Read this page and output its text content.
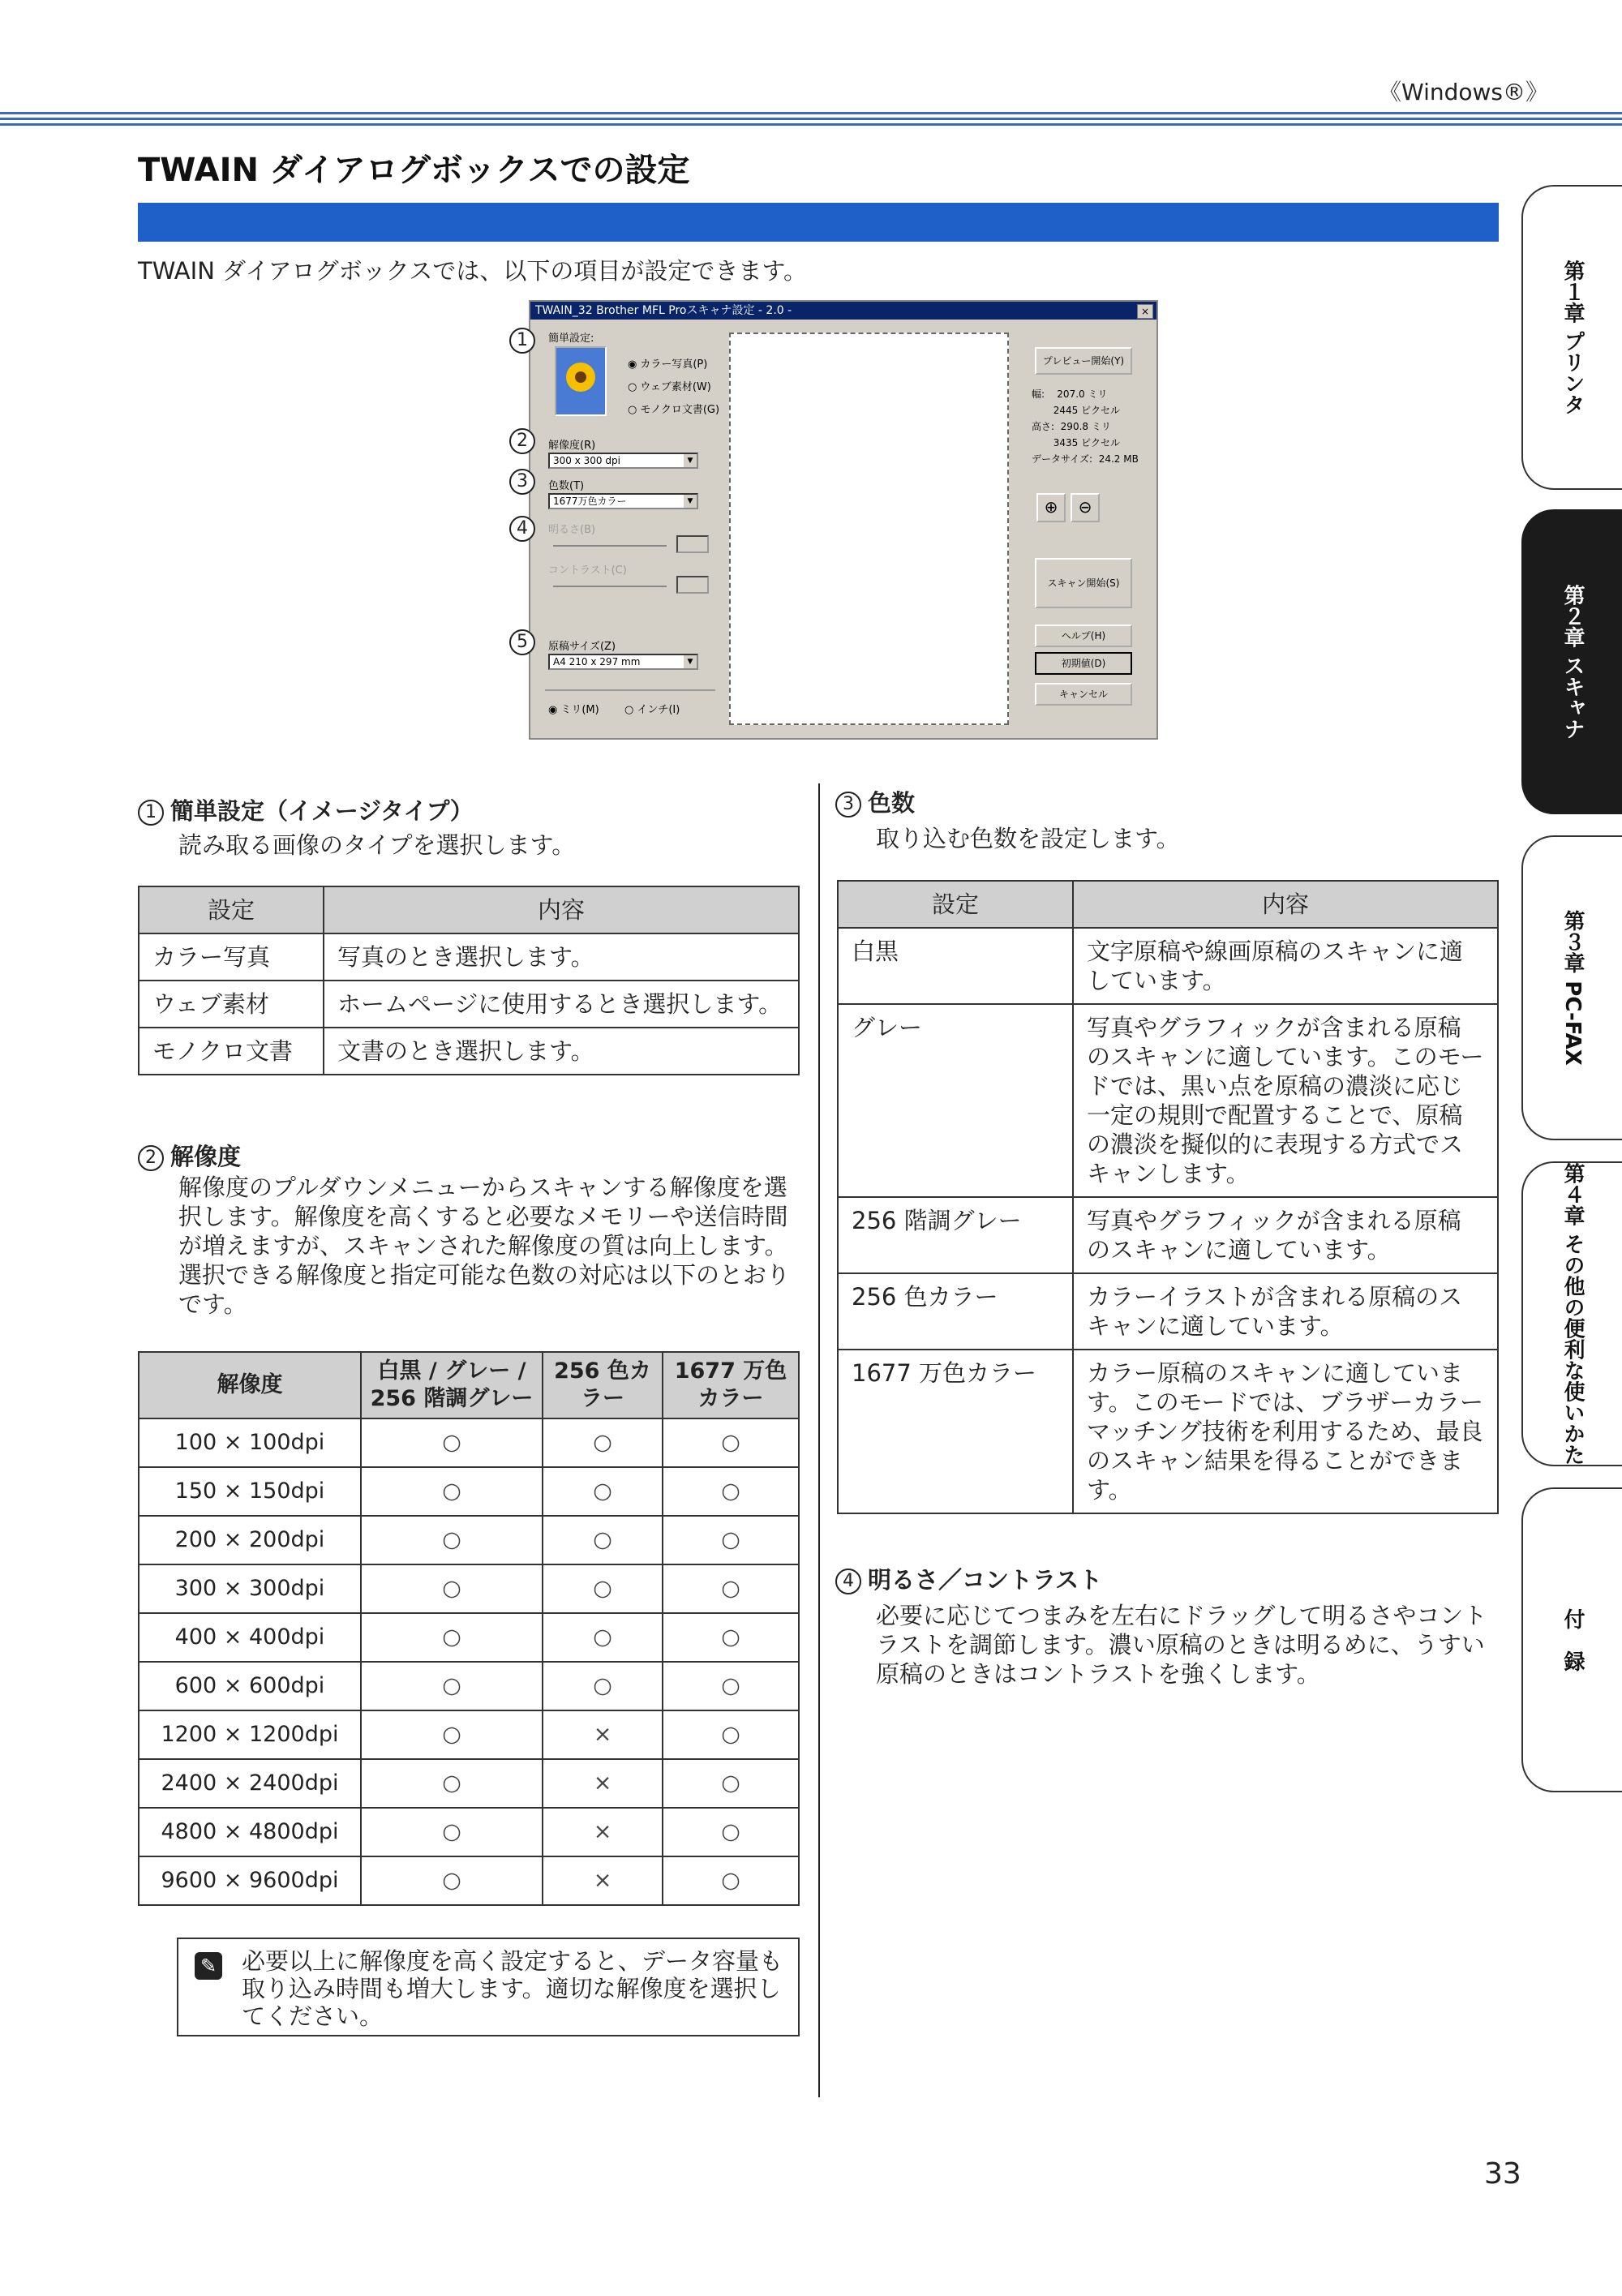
《Windows®》
TWAIN ダイアログボックスでの設定
TWAIN ダイアログボックスでは、以下の項目が設定できます。
TWAIN_32 Brother MFL Proスキャナ設定 - 2.0 -	×
簡単設定:
◉ カラー写真(P)
○ ウェブ素材(W)
○ モノクロ文書(G)
解像度(R)
300 x 300 dpi ▼
色数(T)
1677万色カラー ▼
明るさ(B)
コントラスト(C)
原稿サイズ(Z)
A4 210 x 297 mm ▼
◉ ミリ(M)	○ インチ(I)
プレビュー開始(Y)
幅:    207.0 ミリ
2445 ピクセル
高さ:  290.8 ミリ
3435 ピクセル
データサイズ:  24.2 MB
⊕	⊖
スキャン開始(S)
ヘルプ(H)
初期値(D)
キャンセル
1
2
3
4
5
1 簡単設定（イメージタイプ）
読み取る画像のタイプを選択します。
設定	内容
カラー写真	写真のとき選択します。
ウェブ素材	ホームページに使用するとき選択します。
モノクロ文書	文書のとき選択します。
2 解像度
解像度のプルダウンメニューからスキャンする解像度を選択します。解像度を高くすると必要なメモリーや送信時間が増えますが、スキャンされた解像度の質は向上します。選択できる解像度と指定可能な色数の対応は以下のとおりです。
解像度	白黒 / グレー / 256 階調グレー	256 色カラー	1677 万色カラー
100 × 100dpi	○	○	○
150 × 150dpi	○	○	○
200 × 200dpi	○	○	○
300 × 300dpi	○	○	○
400 × 400dpi	○	○	○
600 × 600dpi	○	○	○
1200 × 1200dpi	○	×	○
2400 × 2400dpi	○	×	○
4800 × 4800dpi	○	×	○
9600 × 9600dpi	○	×	○
✎ 必要以上に解像度を高く設定すると、データ容量も取り込み時間も増大します。適切な解像度を選択してください。
3 色数
取り込む色数を設定します。
設定	内容
白黒	文字原稿や線画原稿のスキャンに適しています。
グレー	写真やグラフィックが含まれる原稿のスキャンに適しています。このモードでは、黒い点を原稿の濃淡に応じ一定の規則で配置することで、原稿の濃淡を擬似的に表現する方式でスキャンします。
256 階調グレー	写真やグラフィックが含まれる原稿のスキャンに適しています。
256 色カラー	カラーイラストが含まれる原稿のスキャンに適しています。
1677 万色カラー	カラー原稿のスキャンに適しています。このモードでは、ブラザーカラーマッチング技術を利用するため、最良のスキャン結果を得ることができます。
4 明るさ／コントラスト
必要に応じてつまみを左右にドラッグして明るさやコントラストを調節します。濃い原稿のときは明るめに、うすい原稿のときはコントラストを強くします。
第１章 プリンタ
第２章 スキャナ
第３章 PC-FAX
第４章 その他の便利な使いかた
付　録
33
